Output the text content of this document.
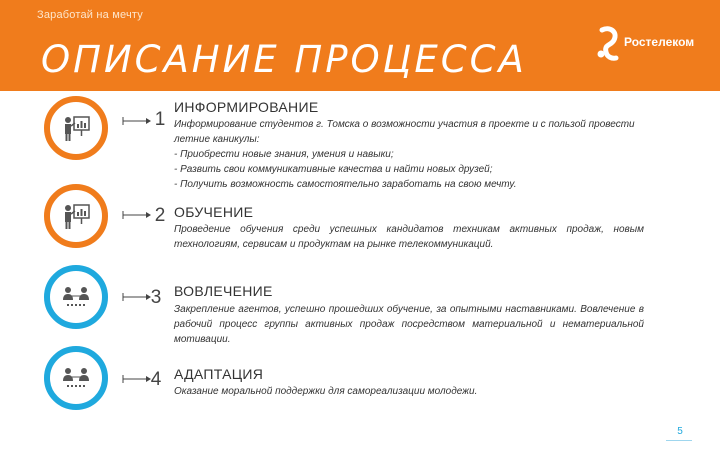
Заработай на мечту
ОПИСАНИЕ ПРОЦЕССА	Ростелеком
1
ИНФОРМИРОВАНИЕ
Информирование студентов г. Томска о возможности участия в проекте и с пользой провести летние каникулы:
- Приобрести новые знания, умения и навыки;
- Развить свои коммуникативные качества и найти новых друзей;
- Получить возможность самостоятельно заработать на свою мечту.
2 ОБУЧЕНИЕ
Проведение обучения среди успешных кандидатов техникам активных продаж, новым технологиям, сервисам и продуктам на рынке телекоммуникаций.
3 ВОВЛЕЧЕНИЕ
Закрепление агентов, успешно прошедших обучение, за опытными наставниками. Вовлечение в рабочий процесс группы активных продаж посредством материальной и нематериальной мотивации.
4 АДАПТАЦИЯ
Оказание моральной поддержки для самореализации молодежи.
5
